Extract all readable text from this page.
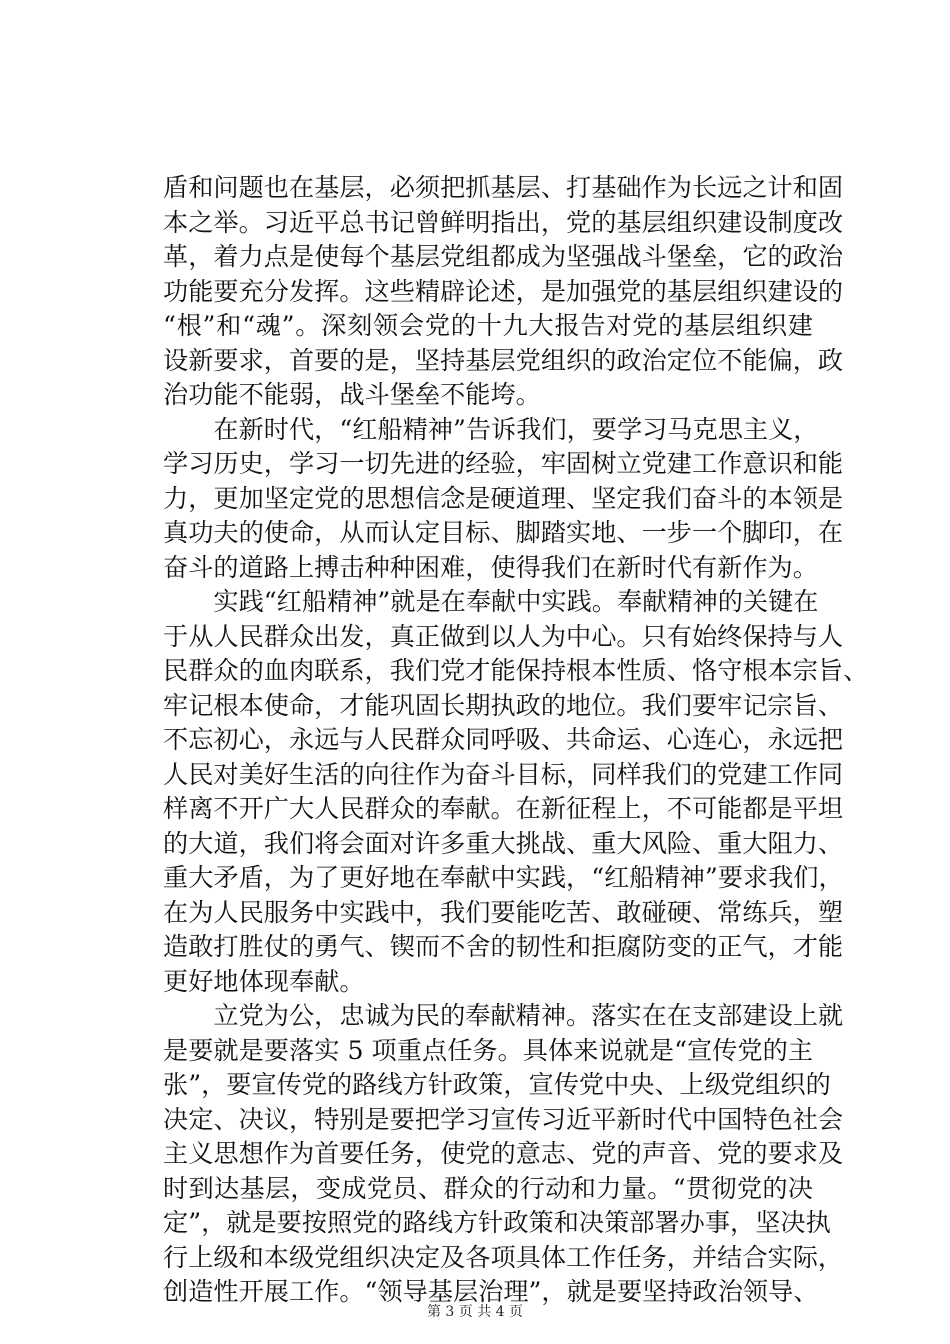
盾和问题也在基层，必须把抓基层、打基础作为长远之计和固
本之举。习近平总书记曾鲜明指出，党的基层组织建设制度改
革，着力点是使每个基层党组都成为坚强战斗堡垒，它的政治
功能要充分发挥。这些精辟论述，是加强党的基层组织建设的
“根”和“魂”。深刻领会党的十九大报告对党的基层组织建
设新要求，首要的是，坚持基层党组织的政治定位不能偏，政
治功能不能弱，战斗堡垒不能垮。
　　在新时代，“红船精神”告诉我们，要学习马克思主义，
学习历史，学习一切先进的经验，牢固树立党建工作意识和能
力，更加坚定党的思想信念是硬道理、坚定我们奋斗的本领是
真功夫的使命，从而认定目标、脚踏实地、一步一个脚印，在
奋斗的道路上搏击种种困难，使得我们在新时代有新作为。
　　实践“红船精神”就是在奉献中实践。奉献精神的关键在
于从人民群众出发，真正做到以人为中心。只有始终保持与人
民群众的血肉联系，我们党才能保持根本性质、恪守根本宗旨、
牢记根本使命，才能巩固长期执政的地位。我们要牢记宗旨、
不忘初心，永远与人民群众同呼吸、共命运、心连心，永远把
人民对美好生活的向往作为奋斗目标，同样我们的党建工作同
样离不开广大人民群众的奉献。在新征程上，不可能都是平坦
的大道，我们将会面对许多重大挑战、重大风险、重大阻力、
重大矛盾，为了更好地在奉献中实践，“红船精神”要求我们，
在为人民服务中实践中，我们要能吃苦、敢碰硬、常练兵，塑
造敢打胜仗的勇气、锲而不舍的韧性和拒腐防变的正气，才能
更好地体现奉献。
　　立党为公，忠诚为民的奉献精神。落实在在支部建设上就
是要就是要落实 5 项重点任务。具体来说就是“宣传党的主
张”，要宣传党的路线方针政策，宣传党中央、上级党组织的
决定、决议，特别是要把学习宣传习近平新时代中国特色社会
主义思想作为首要任务，使党的意志、党的声音、党的要求及
时到达基层，变成党员、群众的行动和力量。“贯彻党的决
定”，就是要按照党的路线方针政策和决策部署办事，坚决执
行上级和本级党组织决定及各项具体工作任务，并结合实际，
创造性开展工作。“领导基层治理”，就是要坚持政治领导、
第 3 页 共 4 页
